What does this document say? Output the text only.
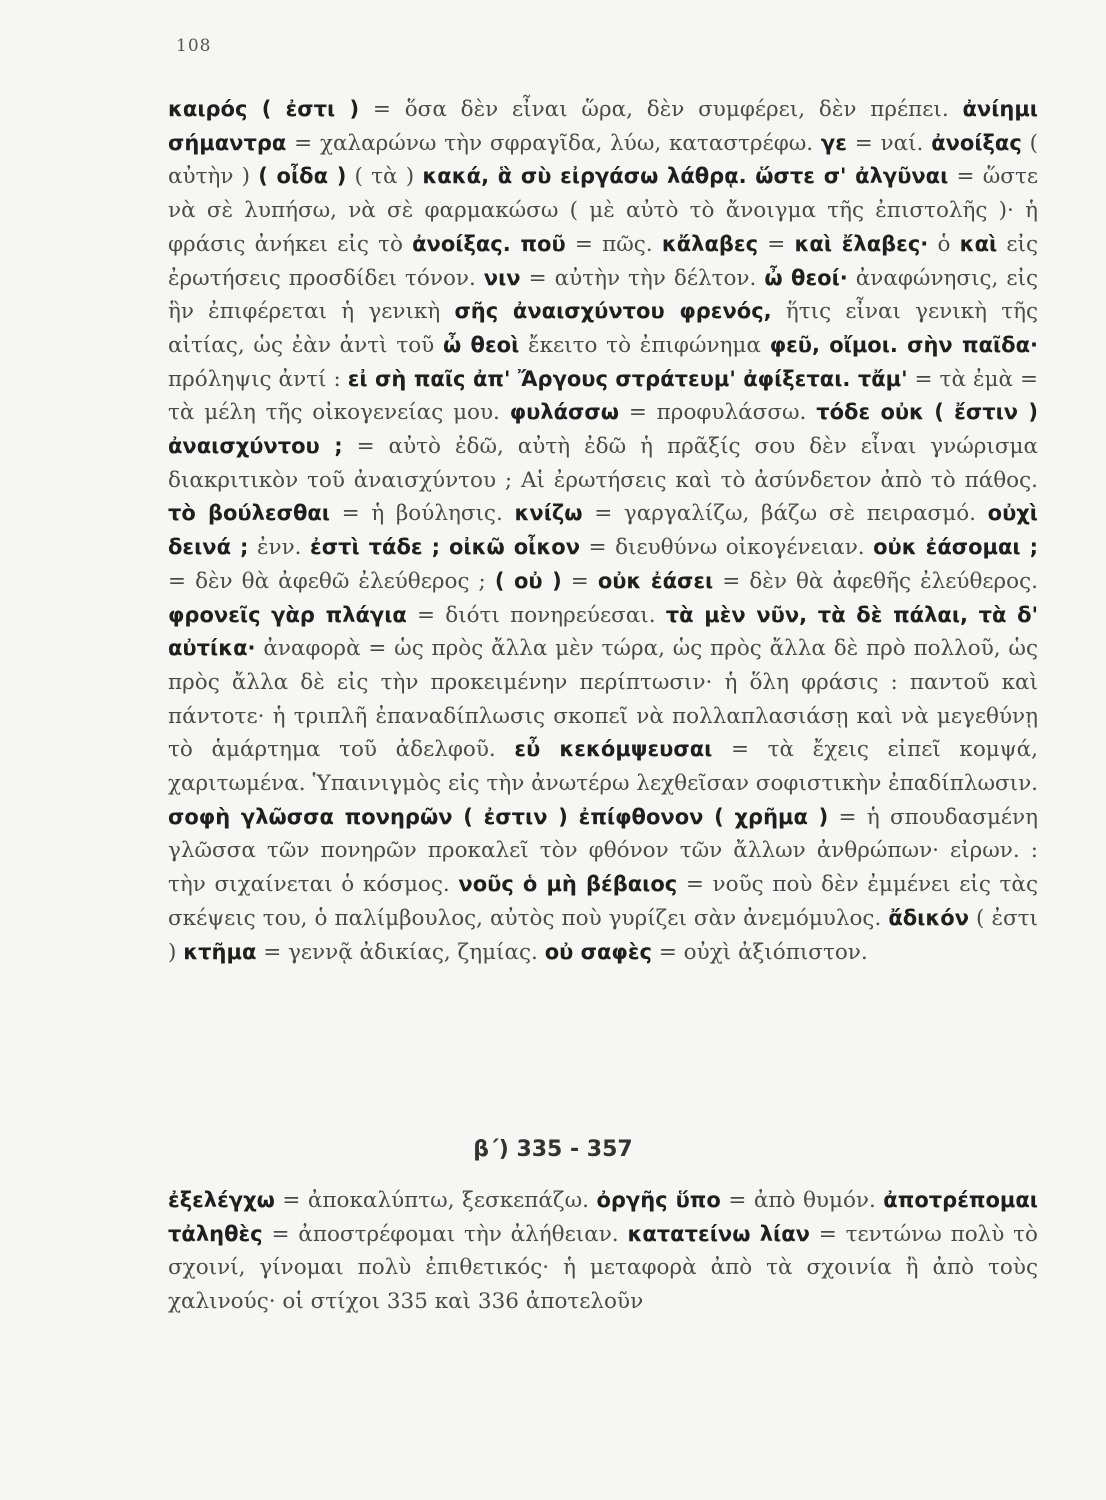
108
καιρός ( ἐστι ) = ὅσα δὲν εἶναι ὥρα, δὲν συμφέρει, δὲν πρέπει. ἀνίημι σήμαντρα = χαλαρώνω τὴν σφραγῖδα, λύω, καταστρέφω. γε = ναί. ἀνοίξας ( αὐτὴν ) ( οἶδα ) ( τὰ ) κακά, ἃ σὺ εἰργάσω λάθρᾳ. ὥστε σ' ἀλγῦναι = ὥστε νὰ σὲ λυπήσω, νὰ σὲ φαρμακώσω ( μὲ αὐτὸ τὸ ἄνοιγμα τῆς ἐπιστολῆς )· ἡ φράσις ἀνήκει εἰς τὸ ἀνοίξας. ποῦ = πῶς. κἄλαβες = καὶ ἔλαβες· ὁ καὶ εἰς ἐρωτήσεις προσδίδει τόνον. νιν = αὐτὴν τὴν δέλτον. ὦ θεοί· ἀναφώνησις, εἰς ἣν ἐπιφέρεται ἡ γενικὴ σῆς ἀναισχύντου φρενός, ἥτις εἶναι γενικὴ τῆς αἰτίας, ὡς ἐὰν ἀντὶ τοῦ ὦ θεοὶ ἔκειτο τὸ ἐπιφώνημα φεῦ, οἴμοι. σὴν παῖδα· πρόληψις ἀντί : εἰ σὴ παῖς ἀπ' Ἄργους στράτευμ' ἀφίξεται. τἄμ' = τὰ ἐμὰ = τὰ μέλη τῆς οἰκογενείας μου. φυλάσσω = προφυλάσσω. τόδε οὐκ ( ἔστιν ) ἀναισχύντου ; = αὐτὸ ἐδῶ, αὐτὴ ἐδῶ ἡ πρᾶξίς σου δὲν εἶναι γνώρισμα διακριτικὸν τοῦ ἀναισχύντου ; Αἱ ἐρωτήσεις καὶ τὸ ἀσύνδετον ἀπὸ τὸ πάθος. τὸ βούλεσθαι = ἡ βούλησις. κνίζω = γαργαλίζω, βάζω σὲ πειρασμό. οὐχὶ δεινά ; ἐνν. ἐστὶ τάδε ; οἰκῶ οἶκον = διευθύνω οἰκογένειαν. οὐκ ἐάσομαι ; = δὲν θὰ ἀφεθῶ ἐλεύθερος ; ( οὐ ) = οὐκ ἐάσει = δὲν θὰ ἀφεθῆς ἐλεύθερος. φρονεῖς γὰρ πλάγια = διότι πονηρεύεσαι. τὰ μὲν νῦν, τὰ δὲ πάλαι, τὰ δ' αὐτίκα· ἀναφορὰ = ὡς πρὸς ἄλλα μὲν τώρα, ὡς πρὸς ἄλλα δὲ πρὸ πολλοῦ, ὡς πρὸς ἄλλα δὲ εἰς τὴν προκειμένην περίπτωσιν· ἡ ὅλη φράσις : παντοῦ καὶ πάντοτε· ἡ τριπλῆ ἐπαναδίπλωσις σκοπεῖ νὰ πολλαπλασιάσῃ καὶ νὰ μεγεθύνῃ τὸ ἁμάρτημα τοῦ ἀδελφοῦ. εὖ κεκόμψευσαι = τὰ ἔχεις εἰπεῖ κομψά, χαριτωμένα. Ὑπαινιγμὸς εἰς τὴν ἀνωτέρω λεχθεῖσαν σοφιστικὴν ἐπαδίπλωσιν. σοφὴ γλῶσσα πονηρῶν ( ἐστιν ) ἐπίφθονον ( χρῆμα ) = ἡ σπουδασμένη γλῶσσα τῶν πονηρῶν προκαλεῖ τὸν φθόνον τῶν ἄλλων ἀνθρώπων· εἰρων. : τὴν σιχαίνεται ὁ κόσμος. νοῦς ὁ μὴ βέβαιος = νοῦς ποὺ δὲν ἐμμένει εἰς τὰς σκέψεις του, ὁ παλίμβουλος, αὐτὸς ποὺ γυρίζει σὰν ἀνεμόμυλος. ἄδικόν ( ἐστι ) κτῆμα = γεννᾷ ἀδικίας, ζημίας. οὐ σαφὲς = οὐχὶ ἀξιόπιστον.
β΄) 335 - 357
ἐξελέγχω = ἀποκαλύπτω, ξεσκεπάζω. ὀργῆς ὕπο = ἀπὸ θυμόν. ἀποτρέπομαι τἀληθὲς = ἀποστρέφομαι τὴν ἀλήθειαν. κατατείνω λίαν = τεντώνω πολὺ τὸ σχοινί, γίνομαι πολὺ ἐπιθετικός· ἡ μεταφορὰ ἀπὸ τὰ σχοινία ἢ ἀπὸ τοὺς χαλινούς· οἱ στίχοι 335 καὶ 336 ἀποτελοῦν
